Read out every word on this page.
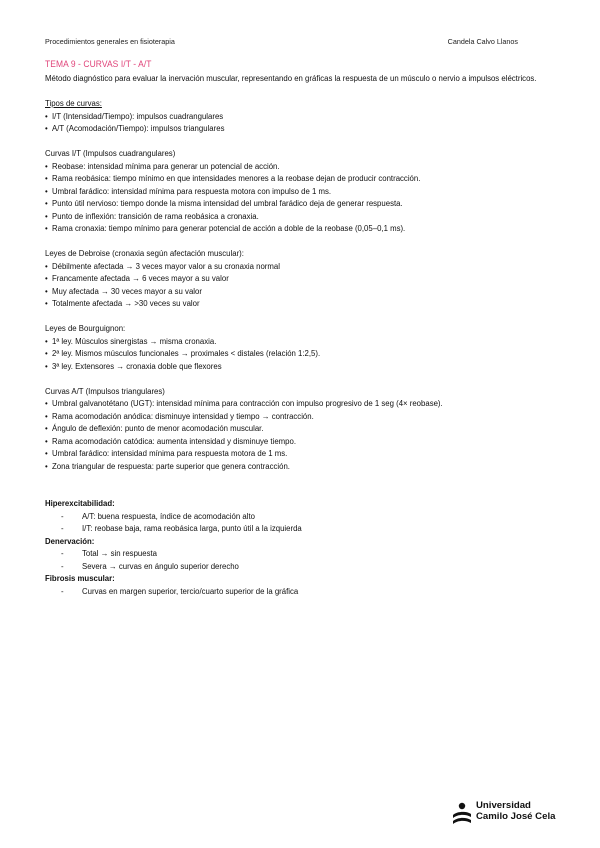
Procedimientos generales en fisioterapia	Candela Calvo Llanos
TEMA 9 - CURVAS I/T - A/T

Método diagnóstico para evaluar la inervación muscular, representando en gráficas la respuesta de un músculo o nervio a impulsos eléctricos.

Tipos de curvas:

• I/T (Intensidad/Tiempo): impulsos cuadrangulares
• A/T (Acomodación/Tiempo): impulsos triangulares

Curvas I/T (Impulsos cuadrangulares)

• Reobase: intensidad mínima para generar un potencial de acción.
• Rama reobásica: tiempo mínimo en que intensidades menores a la reobase dejan de producir contracción.
• Umbral farádico: intensidad mínima para respuesta motora con impulso de 1 ms.
• Punto útil nervioso: tiempo donde la misma intensidad del umbral farádico deja de generar respuesta.
• Punto de inflexión: transición de rama reobásica a cronaxia.
• Rama cronaxia: tiempo mínimo para generar potencial de acción a doble de la reobase (0,05–0,1 ms).

Leyes de Debroise (cronaxia según afectación muscular):

• Débilmente afectada → 3 veces mayor valor a su cronaxia normal
• Francamente afectada → 6 veces mayor a su valor
• Muy afectada → 30 veces mayor a su valor
• Totalmente afectada → >30 veces su valor

Leyes de Bourguignon:

• 1ª ley. Músculos sinergistas → misma cronaxia.
• 2ª ley. Mismos músculos funcionales → proximales < distales (relación 1:2,5).
• 3ª ley. Extensores → cronaxia doble que flexores

Curvas A/T (Impulsos triangulares)

• Umbral galvanotétano (UGT): intensidad mínima para contracción con impulso progresivo de 1 seg (4× reobase).
• Rama acomodación anódica: disminuye intensidad y tiempo → contracción.
• Ángulo de deflexión: punto de menor acomodación muscular.
• Rama acomodación catódica: aumenta intensidad y disminuye tiempo.
• Umbral farádico: intensidad mínima para respuesta motora de 1 ms.
• Zona triangular de respuesta: parte superior que genera contracción.

Hiperexcitabilidad:

- A/T: buena respuesta, índice de acomodación alto
- I/T: reobase baja, rama reobásica larga, punto útil a la izquierda

Denervación:

- Total → sin respuesta
- Severa → curvas en ángulo superior derecho

Fibrosis muscular:

- Curvas en margen superior, tercio/cuarto superior de la gráfica
Universidad
Camilo José Cela
